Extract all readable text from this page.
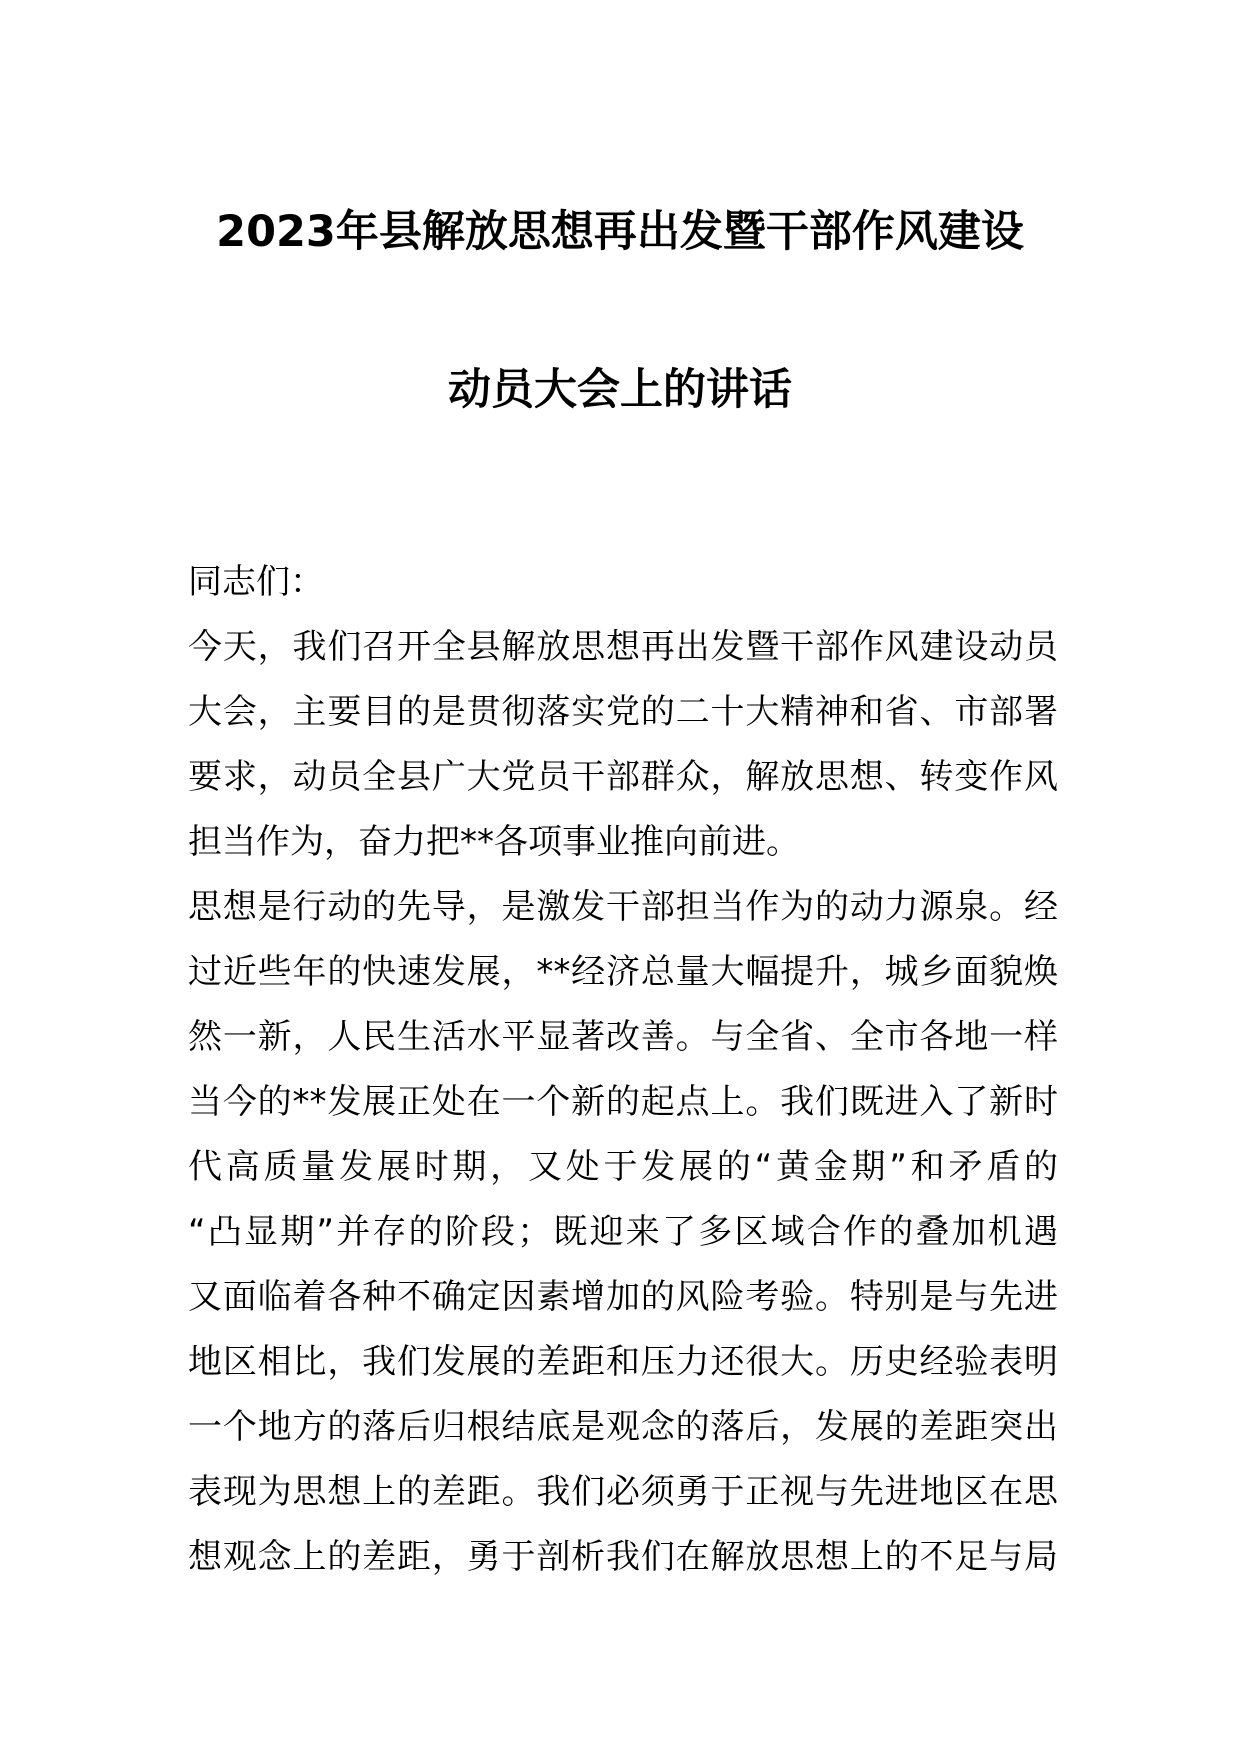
2023年县解放思想再出发暨干部作风建设
动员大会上的讲话

同志们：

今天，我们召开全县解放思想再出发暨干部作风建设动员
大会，主要目的是贯彻落实党的二十大精神和省、市部署
要求，动员全县广大党员干部群众，解放思想、转变作风
担当作为，奋力把**各项事业推向前进。

思想是行动的先导，是激发干部担当作为的动力源泉。经
过近些年的快速发展，**经济总量大幅提升，城乡面貌焕
然一新，人民生活水平显著改善。与全省、全市各地一样
当今的**发展正处在一个新的起点上。我们既进入了新时
代高质量发展时期，又处于发展的“黄金期”和矛盾的
“凸显期”并存的阶段；既迎来了多区域合作的叠加机遇
又面临着各种不确定因素增加的风险考验。特别是与先进
地区相比，我们发展的差距和压力还很大。历史经验表明
一个地方的落后归根结底是观念的落后，发展的差距突出
表现为思想上的差距。我们必须勇于正视与先进地区在思
想观念上的差距，勇于剖析我们在解放思想上的不足与局
